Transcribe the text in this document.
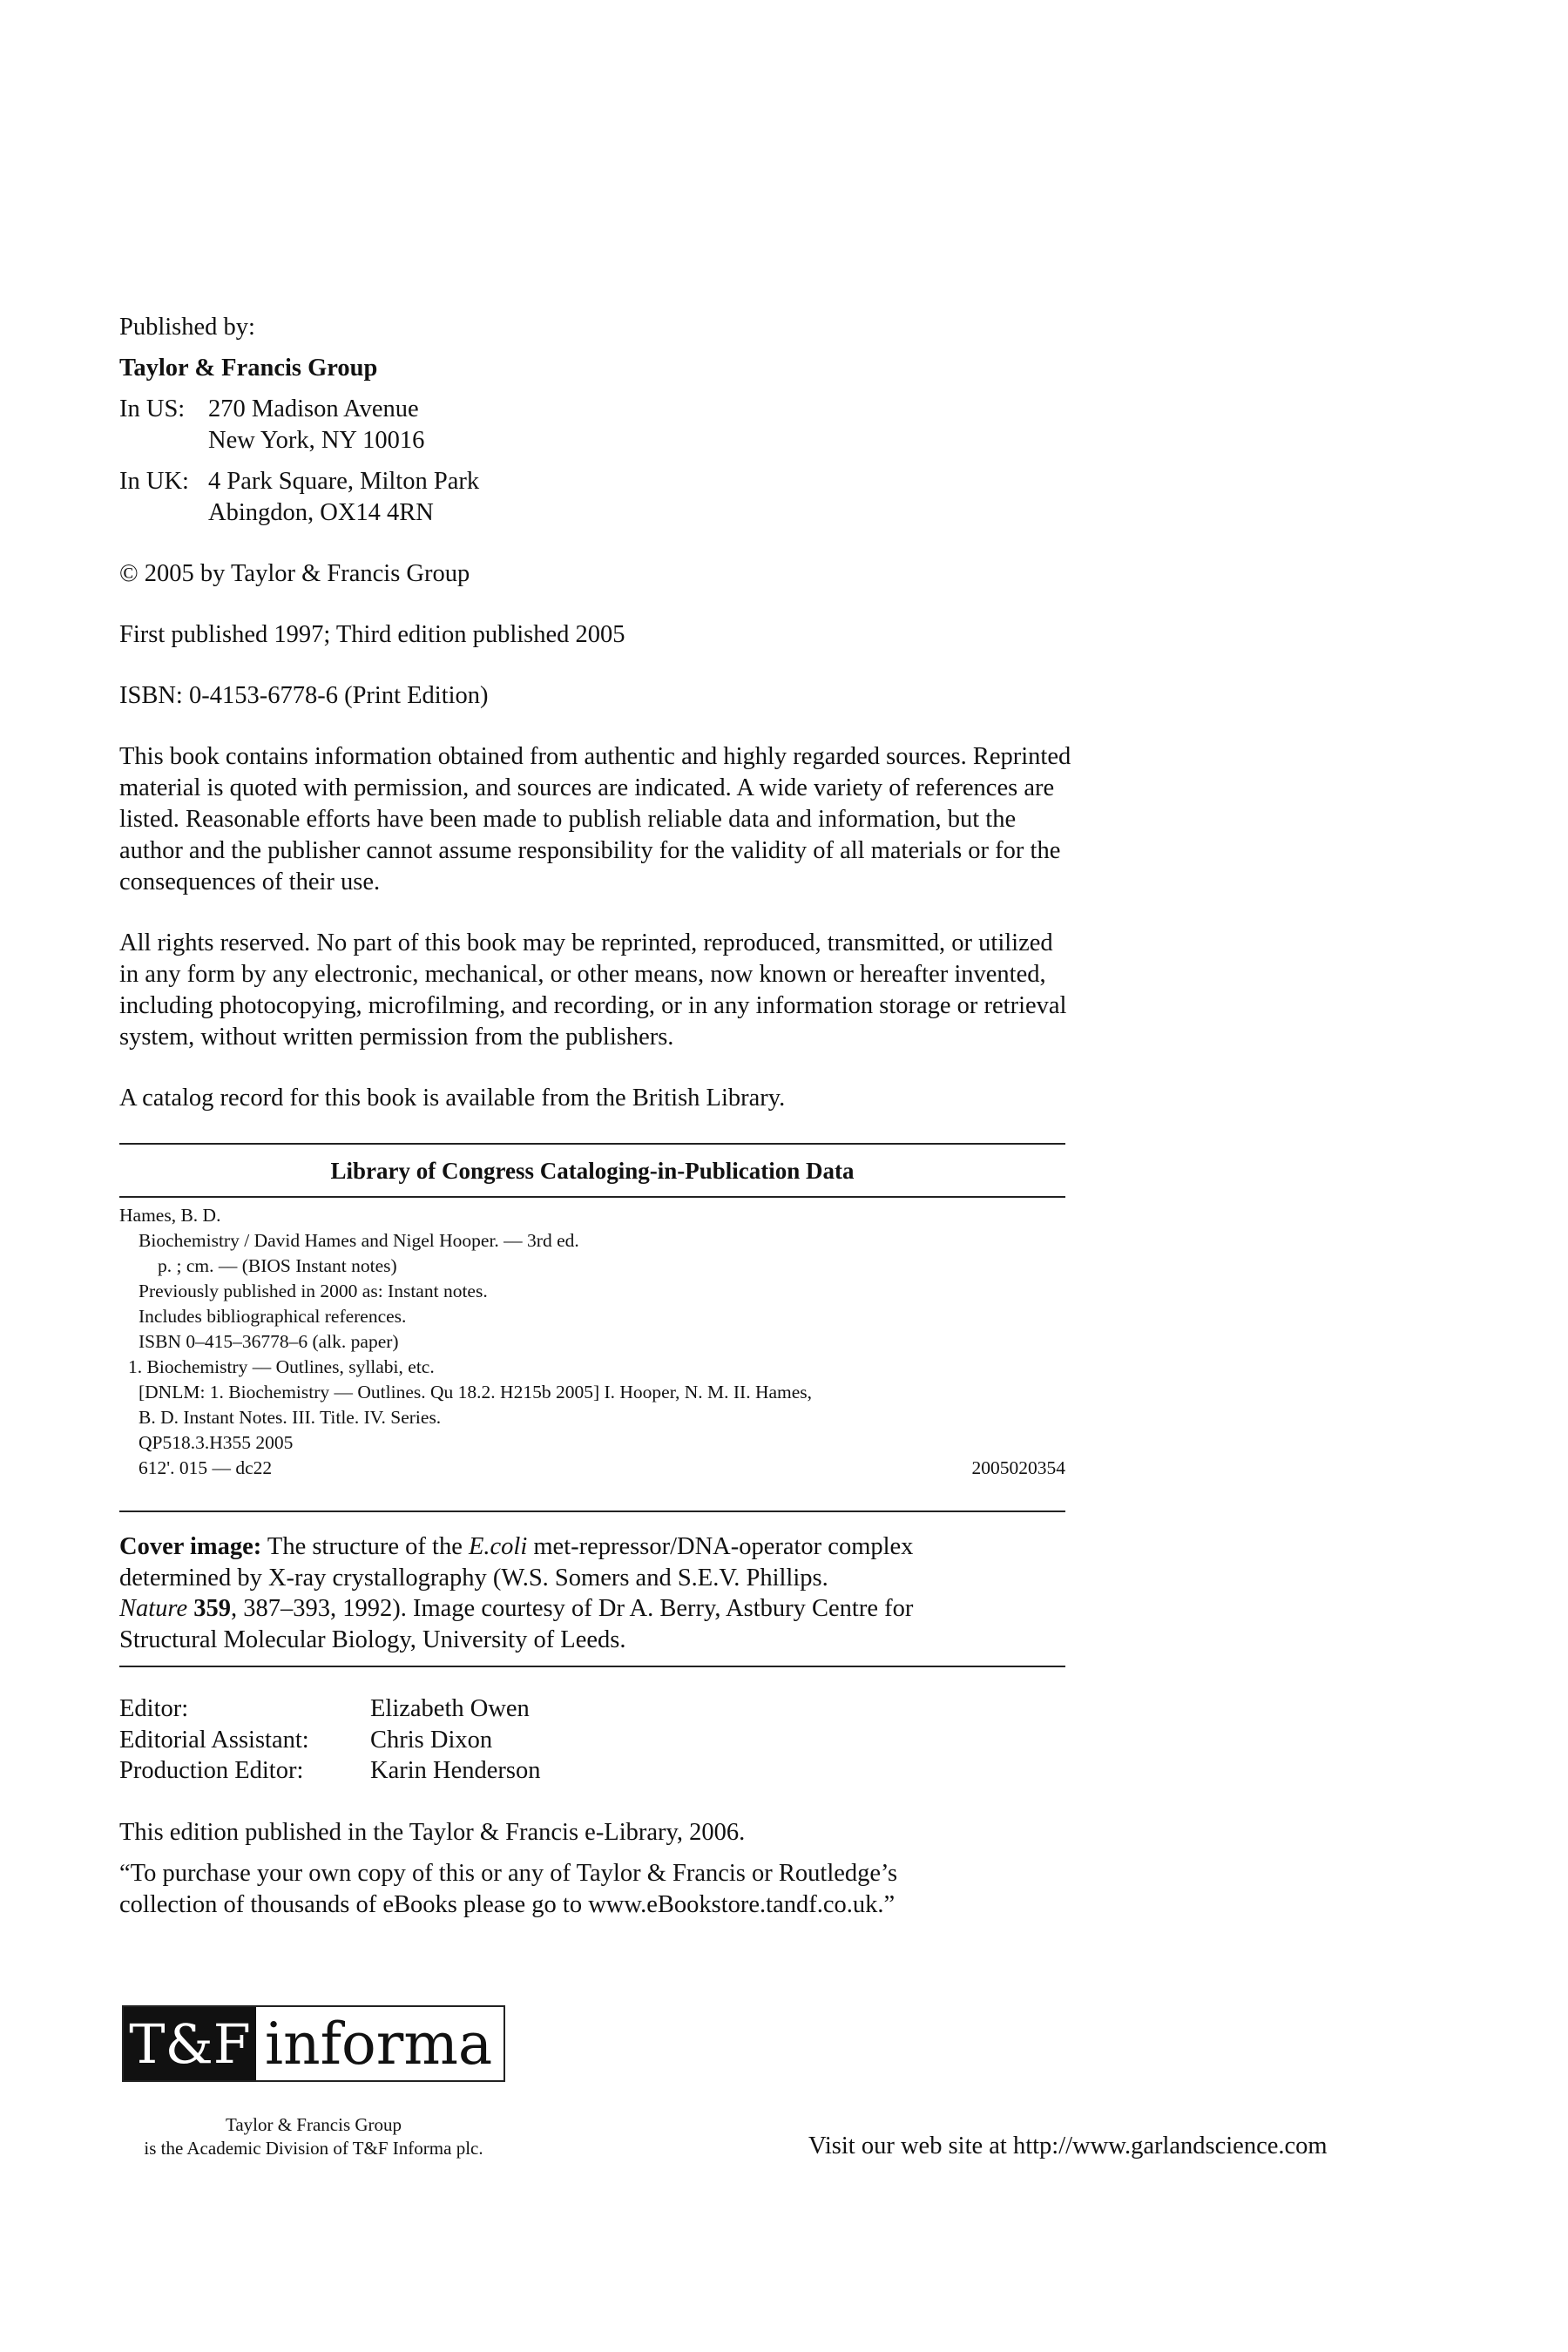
Published by:

Taylor & Francis Group

In US: 270 Madison Avenue
New York, NY 10016
In UK: 4 Park Square, Milton Park
Abingdon, OX14 4RN

© 2005 by Taylor & Francis Group

First published 1997; Third edition published 2005

ISBN: 0-4153-6778-6 (Print Edition)

This book contains information obtained from authentic and highly regarded sources. Reprinted
material is quoted with permission, and sources are indicated. A wide variety of references are
listed. Reasonable efforts have been made to publish reliable data and information, but the
author and the publisher cannot assume responsibility for the validity of all materials or for the
consequences of their use.
All rights reserved. No part of this book may be reprinted, reproduced, transmitted, or utilized
in any form by any electronic, mechanical, or other means, now known or hereafter invented,
including photocopying, microfilming, and recording, or in any information storage or retrieval
system, without written permission from the publishers.

A catalog record for this book is available from the British Library.

Library of Congress Cataloging-in-Publication Data
Hames, B. D.
Biochemistry / David Hames and Nigel Hooper. –– 3rd ed.
p. ; cm. –– (BIOS Instant notes)
Previously published in 2000 as: Instant notes.
Includes bibliographical references.
ISBN 0–415–36778–6 (alk. paper)
1. Biochemistry –– Outlines, syllabi, etc.
[DNLM: 1. Biochemistry — Outlines. Qu 18.2. H215b 2005] I. Hooper, N. M. II. Hames,
B. D. Instant Notes. III. Title. IV. Series.
QP518.3.H355 2005
612'. 015 –– dc22	2005020354

Cover image: The structure of the E.coli met-repressor/DNA-operator complex

determined by X-ray crystallography (W.S. Somers and S.E.V. Phillips.

Nature 359, 387–393, 1992). Image courtesy of Dr A. Berry, Astbury Centre for

Structural Molecular Biology, University of Leeds.

Editor:	Elizabeth Owen
Editorial Assistant:	Chris Dixon
Production Editor:	Karin Henderson

This edition published in the Taylor & Francis e-Library, 2006.

“To purchase your own copy of this or any of Taylor & Francis or Routledge’s

collection of thousands of eBooks please go to www.eBookstore.tandf.co.uk.”

T&F informa
Taylor & Francis Group
is the Academic Division of T&F Informa plc.	Visit our web site at http://www.garlandscience.com
